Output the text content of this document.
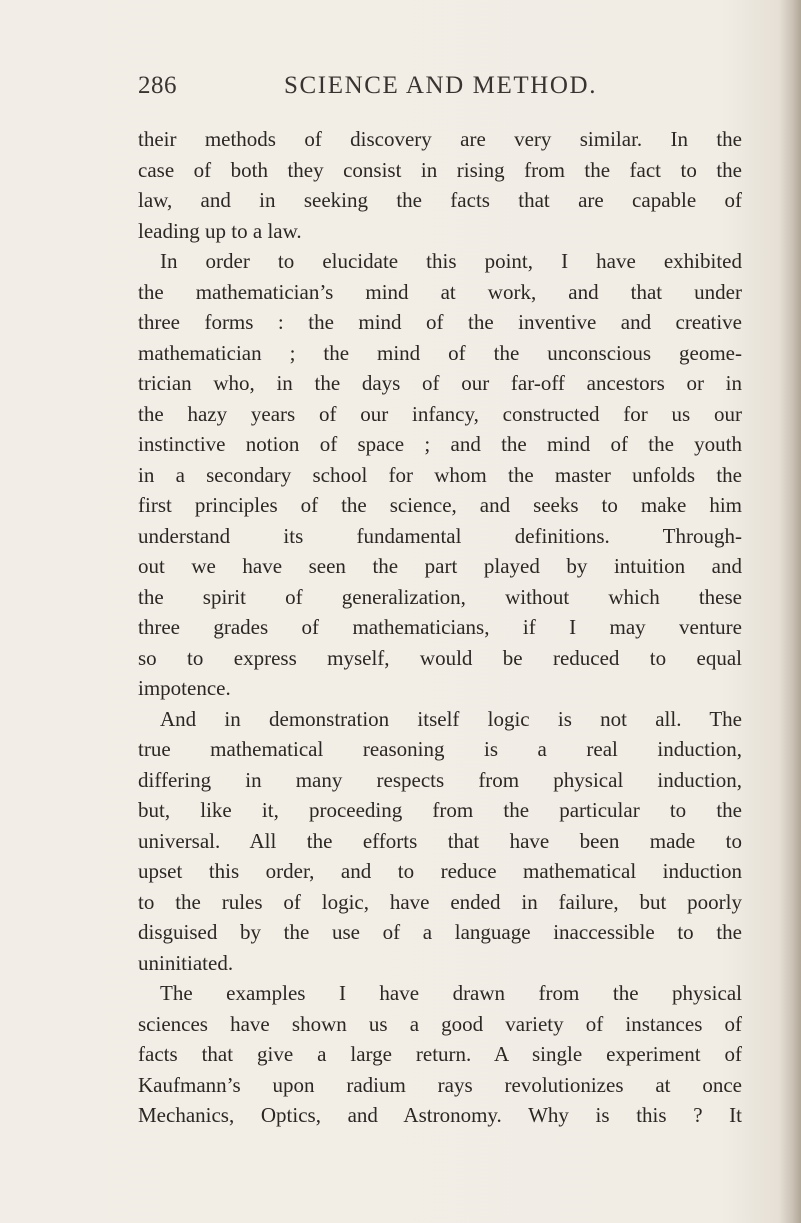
286	SCIENCE AND METHOD.
their methods of discovery are very similar. In the
case of both they consist in rising from the fact to the
law, and in seeking the facts that are capable of
leading up to a law.
In order to elucidate this point, I have exhibited
the mathematician’s mind at work, and that under
three forms : the mind of the inventive and creative
mathematician ; the mind of the unconscious geome-
trician who, in the days of our far-off ancestors or in
the hazy years of our infancy, constructed for us our
instinctive notion of space ; and the mind of the youth
in a secondary school for whom the master unfolds the
first principles of the science, and seeks to make him
understand its fundamental definitions. Through-
out we have seen the part played by intuition and
the spirit of generalization, without which these
three grades of mathematicians, if I may venture
so to express myself, would be reduced to equal
impotence.
And in demonstration itself logic is not all. The
true mathematical reasoning is a real induction,
differing in many respects from physical induction,
but, like it, proceeding from the particular to the
universal. All the efforts that have been made to
upset this order, and to reduce mathematical induction
to the rules of logic, have ended in failure, but poorly
disguised by the use of a language inaccessible to the
uninitiated.
The examples I have drawn from the physical
sciences have shown us a good variety of instances of
facts that give a large return. A single experiment of
Kaufmann’s upon radium rays revolutionizes at once
Mechanics, Optics, and Astronomy. Why is this ? It
